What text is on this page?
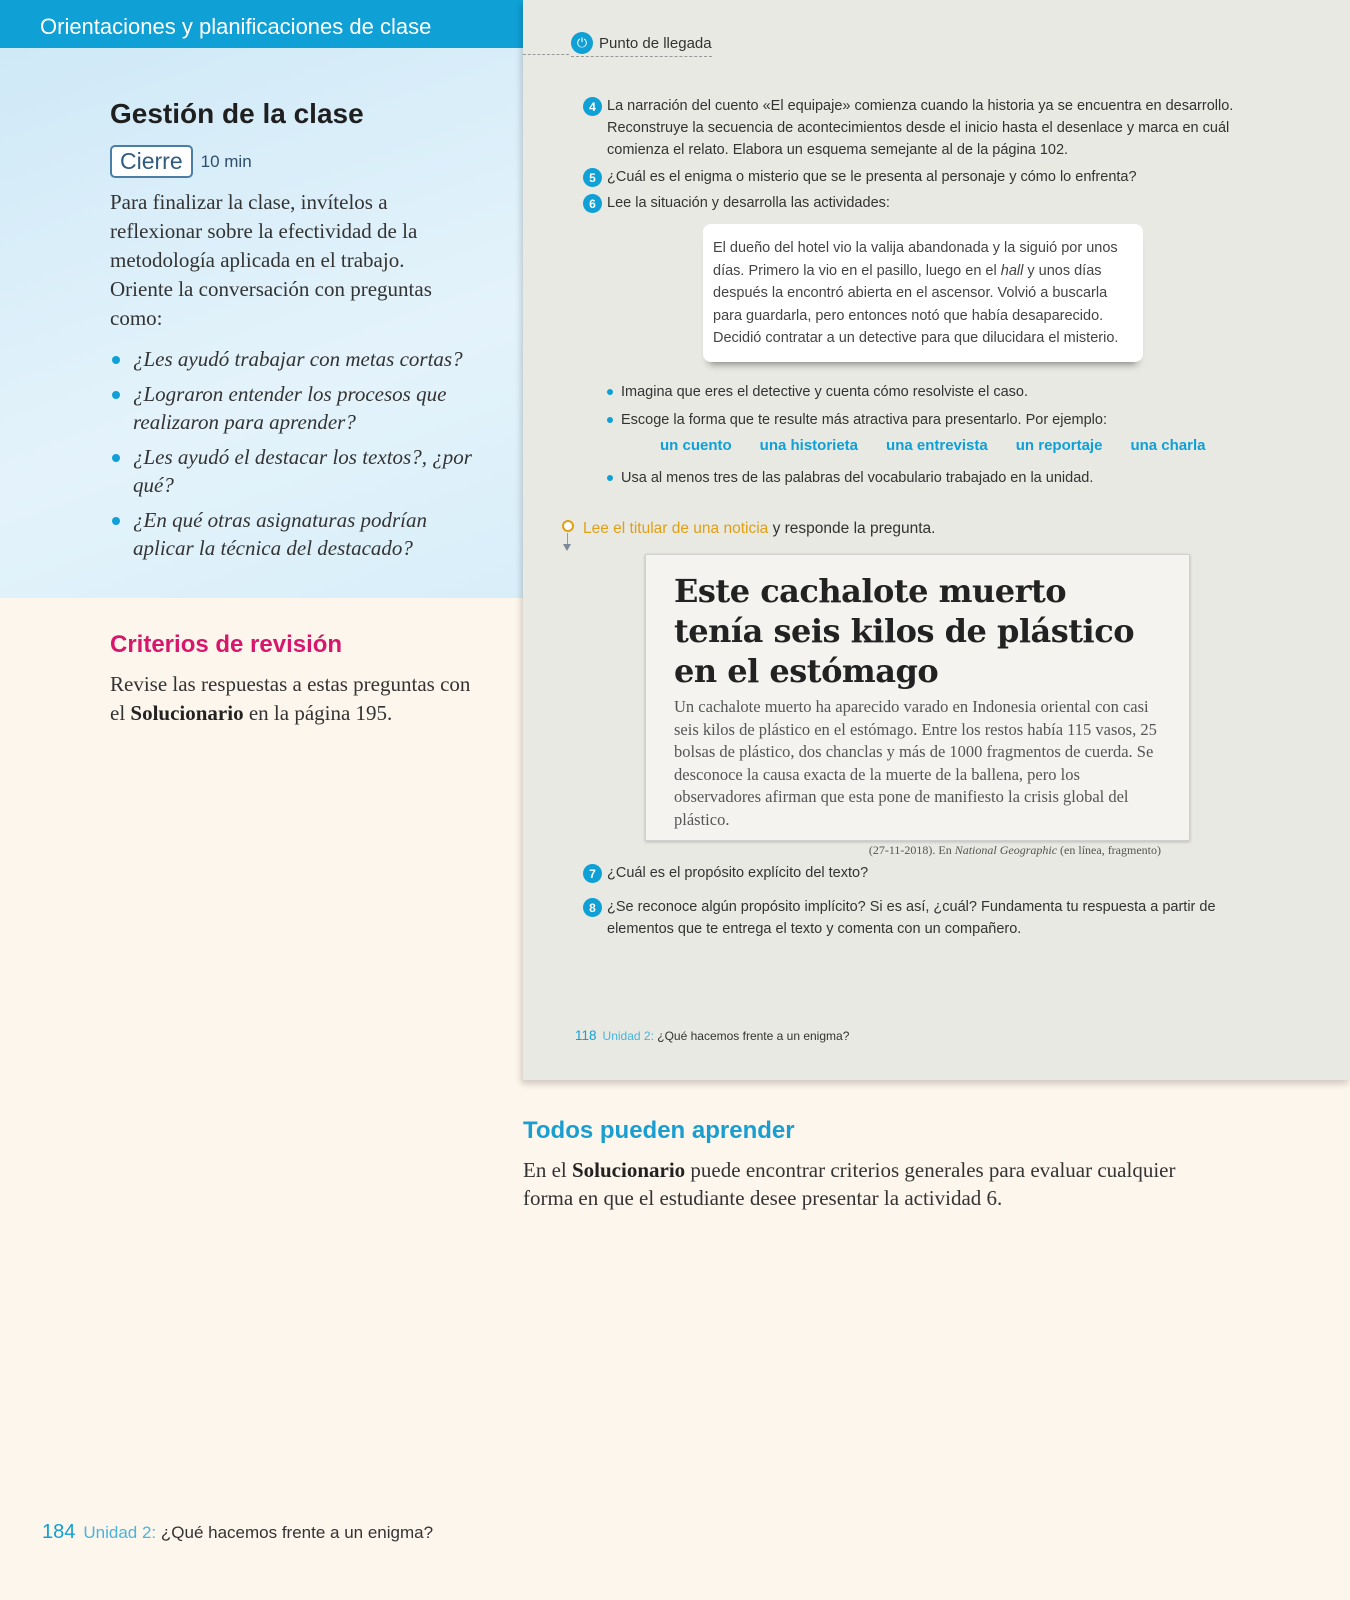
Orientaciones y planificaciones de clase
Gestión de la clase
Cierre	10 min
Para finalizar la clase, invítelos a reflexionar sobre la efectividad de la metodología aplicada en el trabajo. Oriente la conversación con preguntas como:
¿Les ayudó trabajar con metas cortas?
¿Lograron entender los procesos que realizaron para aprender?
¿Les ayudó el destacar los textos?, ¿por qué?
¿En qué otras asignaturas podrían aplicar la técnica del destacado?
Criterios de revisión
Revise las respuestas a estas preguntas con el Solucionario en la página 195.
⏻ Punto de llegada
4 La narración del cuento «El equipaje» comienza cuando la historia ya se encuentra en desarrollo. Reconstruye la secuencia de acontecimientos desde el inicio hasta el desenlace y marca en cuál comienza el relato. Elabora un esquema semejante al de la página 102.
5 ¿Cuál es el enigma o misterio que se le presenta al personaje y cómo lo enfrenta?
6 Lee la situación y desarrolla las actividades:
El dueño del hotel vio la valija abandonada y la siguió por unos días. Primero la vio en el pasillo, luego en el hall y unos días después la encontró abierta en el ascensor. Volvió a buscarla para guardarla, pero entonces notó que había desaparecido. Decidió contratar a un detective para que dilucidara el misterio.
Imagina que eres el detective y cuenta cómo resolviste el caso.
Escoge la forma que te resulte más atractiva para presentarlo. Por ejemplo:
Usa al menos tres de las palabras del vocabulario trabajado en la unidad.
un cuento una historieta una entrevista un reportaje una charla
Lee el titular de una noticia y responde la pregunta.
Este cachalote muerto tenía seis kilos de plástico en el estómago
Un cachalote muerto ha aparecido varado en Indonesia oriental con casi seis kilos de plástico en el estómago. Entre los restos había 115 vasos, 25 bolsas de plástico, dos chanclas y más de 1000 fragmentos de cuerda. Se desconoce la causa exacta de la muerte de la ballena, pero los observadores afirman que esta pone de manifiesto la crisis global del plástico.
(27-11-2018). En National Geographic (en línea, fragmento)
7 ¿Cuál es el propósito explícito del texto?
8 ¿Se reconoce algún propósito implícito? Si es así, ¿cuál? Fundamenta tu respuesta a partir de elementos que te entrega el texto y comenta con un compañero.
118 Unidad 2: ¿Qué hacemos frente a un enigma?
Todos pueden aprender
En el Solucionario puede encontrar criterios generales para evaluar cualquier forma en que el estudiante desee presentar la actividad 6.
184 Unidad 2: ¿Qué hacemos frente a un enigma?
